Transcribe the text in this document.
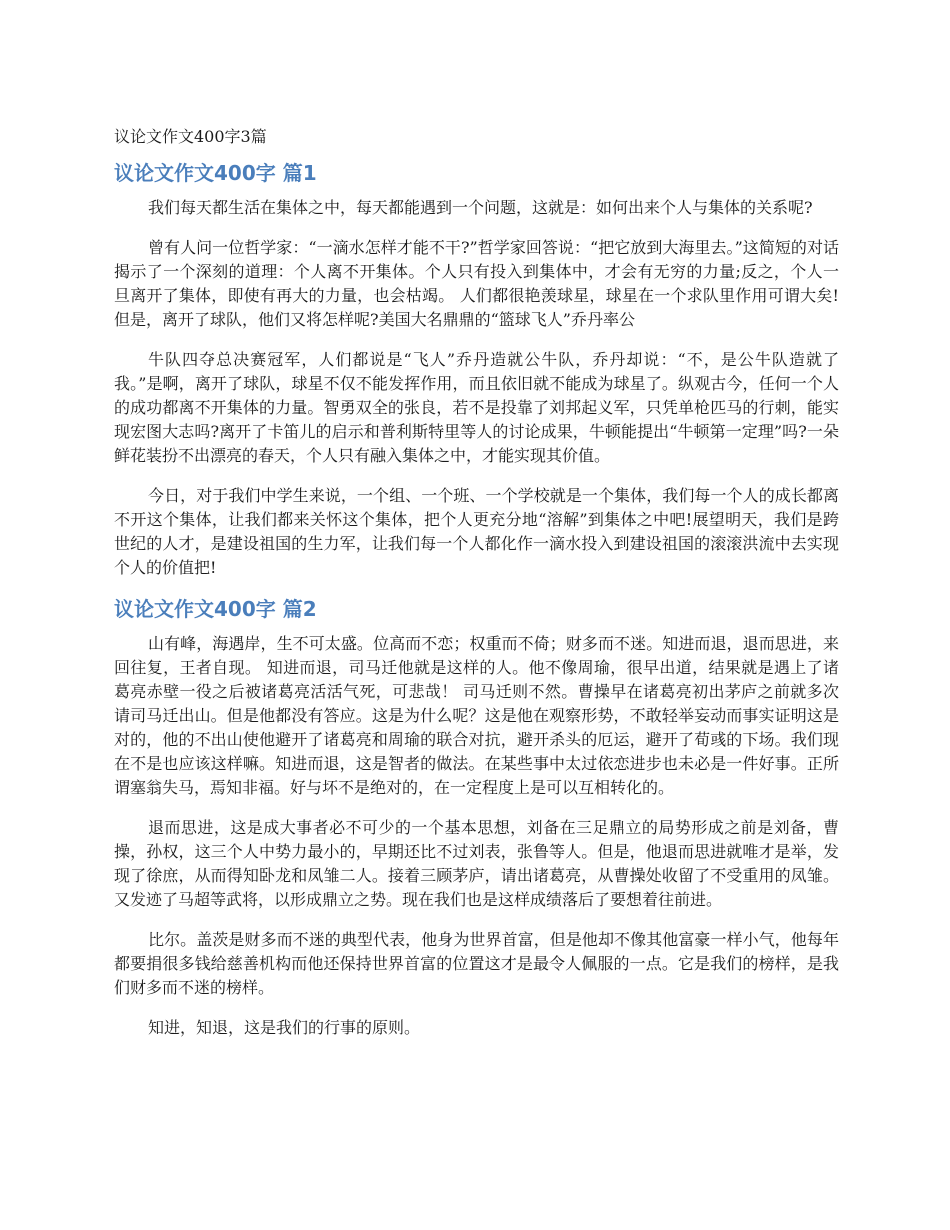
议论文作文400字3篇
议论文作文400字 篇1

我们每天都生活在集体之中，每天都能遇到一个问题，这就是：如何出来个人与集体的关系呢?

曾有人问一位哲学家：“一滴水怎样才能不干?”哲学家回答说：“把它放到大海里去。”这简短的对话揭示了一个深刻的道理：个人离不开集体。个人只有投入到集体中，才会有无穷的力量;反之，个人一旦离开了集体，即使有再大的力量，也会枯竭。 人们都很艳羡球星，球星在一个求队里作用可谓大矣!但是，离开了球队，他们又将怎样呢?美国大名鼎鼎的“篮球飞人”乔丹率公

牛队四夺总决赛冠军，人们都说是“飞人”乔丹造就公牛队，乔丹却说：“不，是公牛队造就了我。”是啊，离开了球队，球星不仅不能发挥作用，而且依旧就不能成为球星了。纵观古今，任何一个人的成功都离不开集体的力量。智勇双全的张良，若不是投靠了刘邦起义军，只凭单枪匹马的行刺，能实现宏图大志吗?离开了卡笛儿的启示和普利斯特里等人的讨论成果，牛顿能提出“牛顿第一定理”吗?一朵鲜花装扮不出漂亮的春天，个人只有融入集体之中，才能实现其价值。

今日，对于我们中学生来说，一个组、一个班、一个学校就是一个集体，我们每一个人的成长都离不开这个集体，让我们都来关怀这个集体，把个人更充分地“溶解”到集体之中吧!展望明天，我们是跨世纪的人才，是建设祖国的生力军，让我们每一个人都化作一滴水投入到建设祖国的滚滚洪流中去实现个人的价值把!

议论文作文400字 篇2

山有峰，海遇岸，生不可太盛。位高而不恋；权重而不倚；财多而不迷。知进而退，退而思进，来回往复，王者自现。 知进而退，司马迁他就是这样的人。他不像周瑜，很早出道，结果就是遇上了诸葛亮赤壁一役之后被诸葛亮活活气死，可悲哉！ 司马迁则不然。曹操早在诸葛亮初出茅庐之前就多次请司马迁出山。但是他都没有答应。这是为什么呢？这是他在观察形势，不敢轻举妄动而事实证明这是对的，他的不出山使他避开了诸葛亮和周瑜的联合对抗，避开杀头的厄运，避开了荀彧的下场。我们现在不是也应该这样嘛。知进而退，这是智者的做法。在某些事中太过依恋进步也未必是一件好事。正所谓塞翁失马，焉知非福。好与坏不是绝对的，在一定程度上是可以互相转化的。

退而思进，这是成大事者必不可少的一个基本思想，刘备在三足鼎立的局势形成之前是刘备，曹操，孙权，这三个人中势力最小的，早期还比不过刘表，张鲁等人。但是，他退而思进就唯才是举，发现了徐庶，从而得知卧龙和凤雏二人。接着三顾茅庐，请出诸葛亮，从曹操处收留了不受重用的凤雏。又发迹了马超等武将，以形成鼎立之势。现在我们也是这样成绩落后了要想着往前进。

比尔。盖茨是财多而不迷的典型代表，他身为世界首富，但是他却不像其他富豪一样小气，他每年都要捐很多钱给慈善机构而他还保持世界首富的位置这才是最令人佩服的一点。它是我们的榜样，是我们财多而不迷的榜样。

知进，知退，这是我们的行事的原则。
